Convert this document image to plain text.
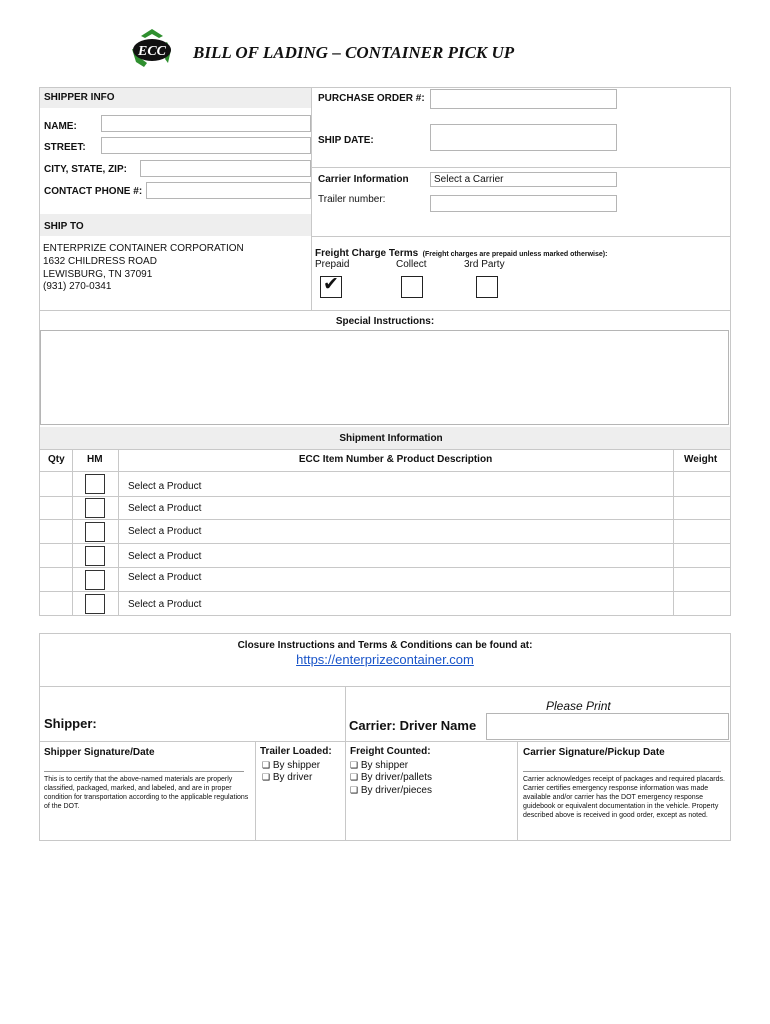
ECC BILL OF LADING – CONTAINER PICK UP
SHIPPER INFO
NAME:
STREET:
CITY, STATE, ZIP:
CONTACT PHONE #:
PURCHASE ORDER #:
SHIP DATE:
Carrier Information	Select a Carrier
Trailer number:
SHIP TO
ENTERPRIZE CONTAINER CORPORATION
1632 CHILDRESS ROAD
LEWISBURG, TN 37091
(931) 270-0341
Freight Charge Terms (Freight charges are prepaid unless marked otherwise):
Prepaid	Collect	3rd Party
✔
Special Instructions:
Shipment Information
Qty HM	ECC Item Number & Product Description	Weight
Select a Product
Select a Product
Select a Product
Select a Product
Select a Product
Select a Product
Closure Instructions and Terms & Conditions can be found at:
https://enterprizecontainer.com
Please Print
Shipper:	Carrier: Driver Name
Shipper Signature/Date
This is to certify that the above-named materials are properly classified, packaged, marked, and labeled, and are in proper condition for transportation according to the applicable regulations of the DOT.
Trailer Loaded:
❑ By shipper
❑ By driver
Freight Counted:
❑ By shipper
❑ By driver/pallets
❑ By driver/pieces
Carrier Signature/Pickup Date
Carrier acknowledges receipt of packages and required placards. Carrier certifies emergency response information was made available and/or carrier has the DOT emergency response guidebook or equivalent documentation in the vehicle. Property described above is received in good order, except as noted.
